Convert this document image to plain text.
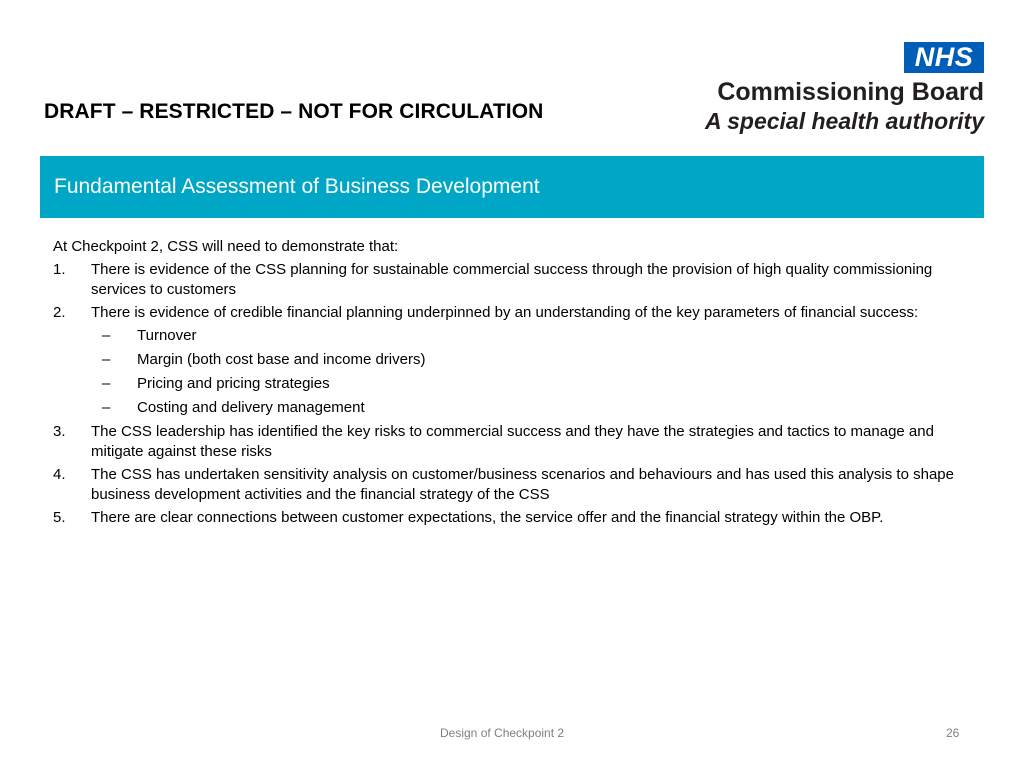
DRAFT – RESTRICTED – NOT FOR CIRCULATION
NHS
Commissioning Board
A special health authority
Fundamental Assessment of Business Development

At Checkpoint 2, CSS will need to demonstrate that:

1. There is evidence of the CSS planning for sustainable commercial success through the provision of high quality commissioning services to customers
2. There is evidence of credible financial planning underpinned by an understanding of the key parameters of financial success:
– Turnover
– Margin (both cost base and income drivers)
– Pricing and pricing strategies
– Costing and delivery management
3. The CSS leadership has identified the key risks to commercial success and they have the strategies and tactics to manage and mitigate against these risks
4. The CSS has undertaken sensitivity analysis on customer/business scenarios and behaviours and has used this analysis to shape business development activities and the financial strategy of the CSS
5. There are clear connections between customer expectations, the service offer and the financial strategy within the OBP.
Design of Checkpoint 2	26
